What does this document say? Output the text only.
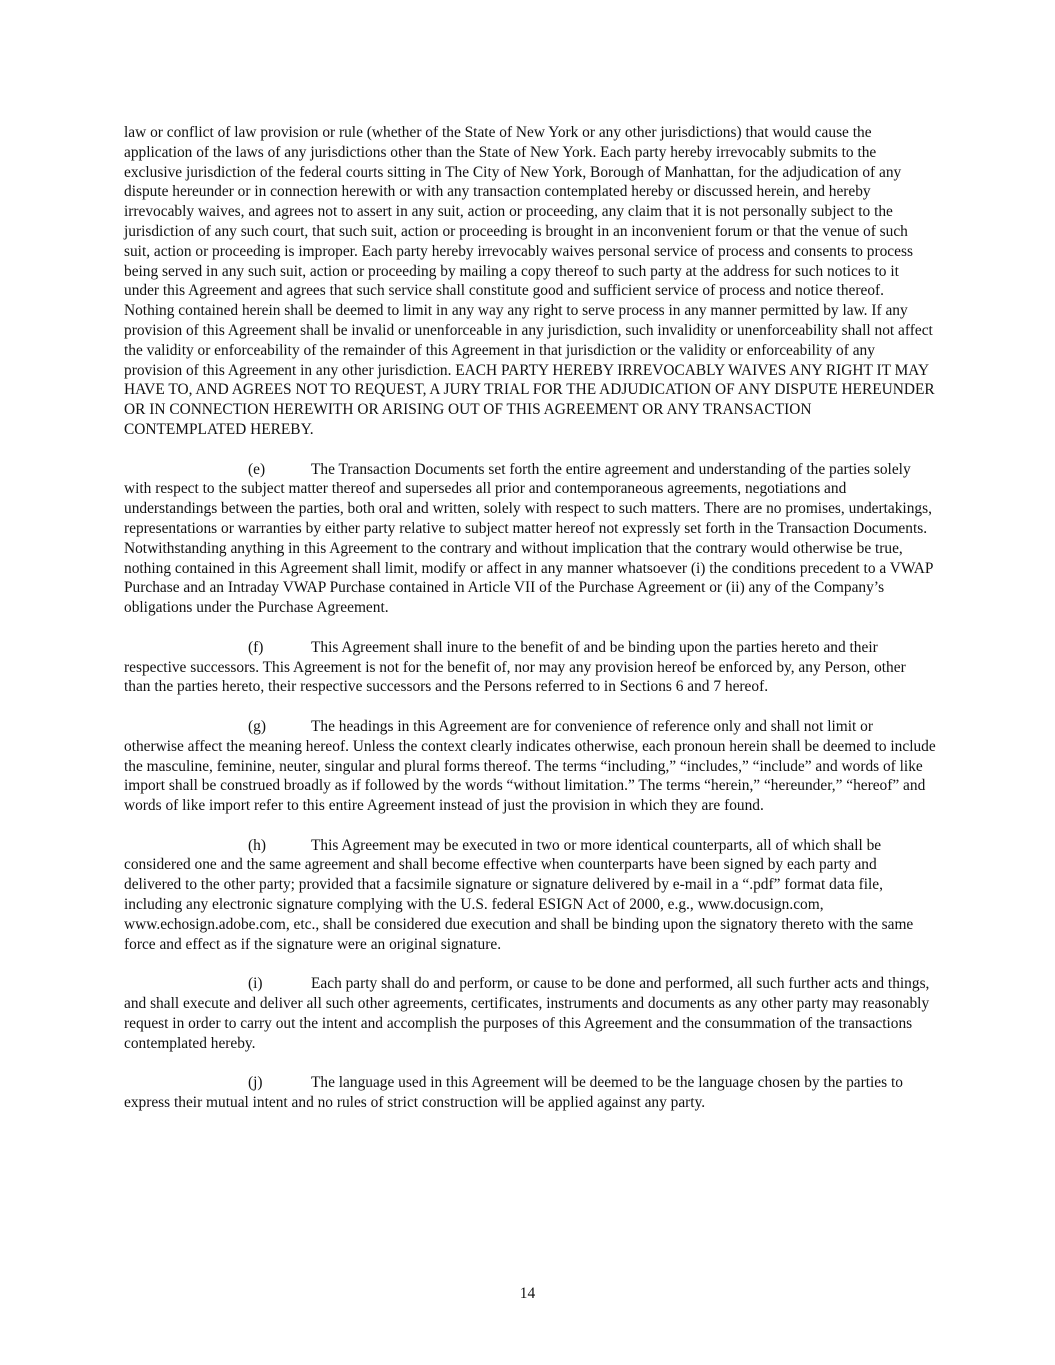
law or conflict of law provision or rule (whether of the State of New York or any other jurisdictions) that would cause the application of the laws of any jurisdictions other than the State of New York. Each party hereby irrevocably submits to the exclusive jurisdiction of the federal courts sitting in The City of New York, Borough of Manhattan, for the adjudication of any dispute hereunder or in connection herewith or with any transaction contemplated hereby or discussed herein, and hereby irrevocably waives, and agrees not to assert in any suit, action or proceeding, any claim that it is not personally subject to the jurisdiction of any such court, that such suit, action or proceeding is brought in an inconvenient forum or that the venue of such suit, action or proceeding is improper. Each party hereby irrevocably waives personal service of process and consents to process being served in any such suit, action or proceeding by mailing a copy thereof to such party at the address for such notices to it under this Agreement and agrees that such service shall constitute good and sufficient service of process and notice thereof. Nothing contained herein shall be deemed to limit in any way any right to serve process in any manner permitted by law. If any provision of this Agreement shall be invalid or unenforceable in any jurisdiction, such invalidity or unenforceability shall not affect the validity or enforceability of the remainder of this Agreement in that jurisdiction or the validity or enforceability of any provision of this Agreement in any other jurisdiction. EACH PARTY HEREBY IRREVOCABLY WAIVES ANY RIGHT IT MAY HAVE TO, AND AGREES NOT TO REQUEST, A JURY TRIAL FOR THE ADJUDICATION OF ANY DISPUTE HEREUNDER OR IN CONNECTION HEREWITH OR ARISING OUT OF THIS AGREEMENT OR ANY TRANSACTION CONTEMPLATED HEREBY.

(e)	The Transaction Documents set forth the entire agreement and understanding of the parties solely with respect to the subject matter thereof and supersedes all prior and contemporaneous agreements, negotiations and understandings between the parties, both oral and written, solely with respect to such matters. There are no promises, undertakings, representations or warranties by either party relative to subject matter hereof not expressly set forth in the Transaction Documents. Notwithstanding anything in this Agreement to the contrary and without implication that the contrary would otherwise be true, nothing contained in this Agreement shall limit, modify or affect in any manner whatsoever (i) the conditions precedent to a VWAP Purchase and an Intraday VWAP Purchase contained in Article VII of the Purchase Agreement or (ii) any of the Company’s obligations under the Purchase Agreement.

(f)	This Agreement shall inure to the benefit of and be binding upon the parties hereto and their respective successors. This Agreement is not for the benefit of, nor may any provision hereof be enforced by, any Person, other than the parties hereto, their respective successors and the Persons referred to in Sections 6 and 7 hereof.

(g)	The headings in this Agreement are for convenience of reference only and shall not limit or otherwise affect the meaning hereof. Unless the context clearly indicates otherwise, each pronoun herein shall be deemed to include the masculine, feminine, neuter, singular and plural forms thereof. The terms “including,” “includes,” “include” and words of like import shall be construed broadly as if followed by the words “without limitation.” The terms “herein,” “hereunder,” “hereof” and words of like import refer to this entire Agreement instead of just the provision in which they are found.

(h)	This Agreement may be executed in two or more identical counterparts, all of which shall be considered one and the same agreement and shall become effective when counterparts have been signed by each party and delivered to the other party; provided that a facsimile signature or signature delivered by e-mail in a “.pdf” format data file, including any electronic signature complying with the U.S. federal ESIGN Act of 2000, e.g., www.docusign.com, www.echosign.adobe.com, etc., shall be considered due execution and shall be binding upon the signatory thereto with the same force and effect as if the signature were an original signature.

(i)	Each party shall do and perform, or cause to be done and performed, all such further acts and things, and shall execute and deliver all such other agreements, certificates, instruments and documents as any other party may reasonably request in order to carry out the intent and accomplish the purposes of this Agreement and the consummation of the transactions contemplated hereby.

(j)	The language used in this Agreement will be deemed to be the language chosen by the parties to express their mutual intent and no rules of strict construction will be applied against any party.

14
